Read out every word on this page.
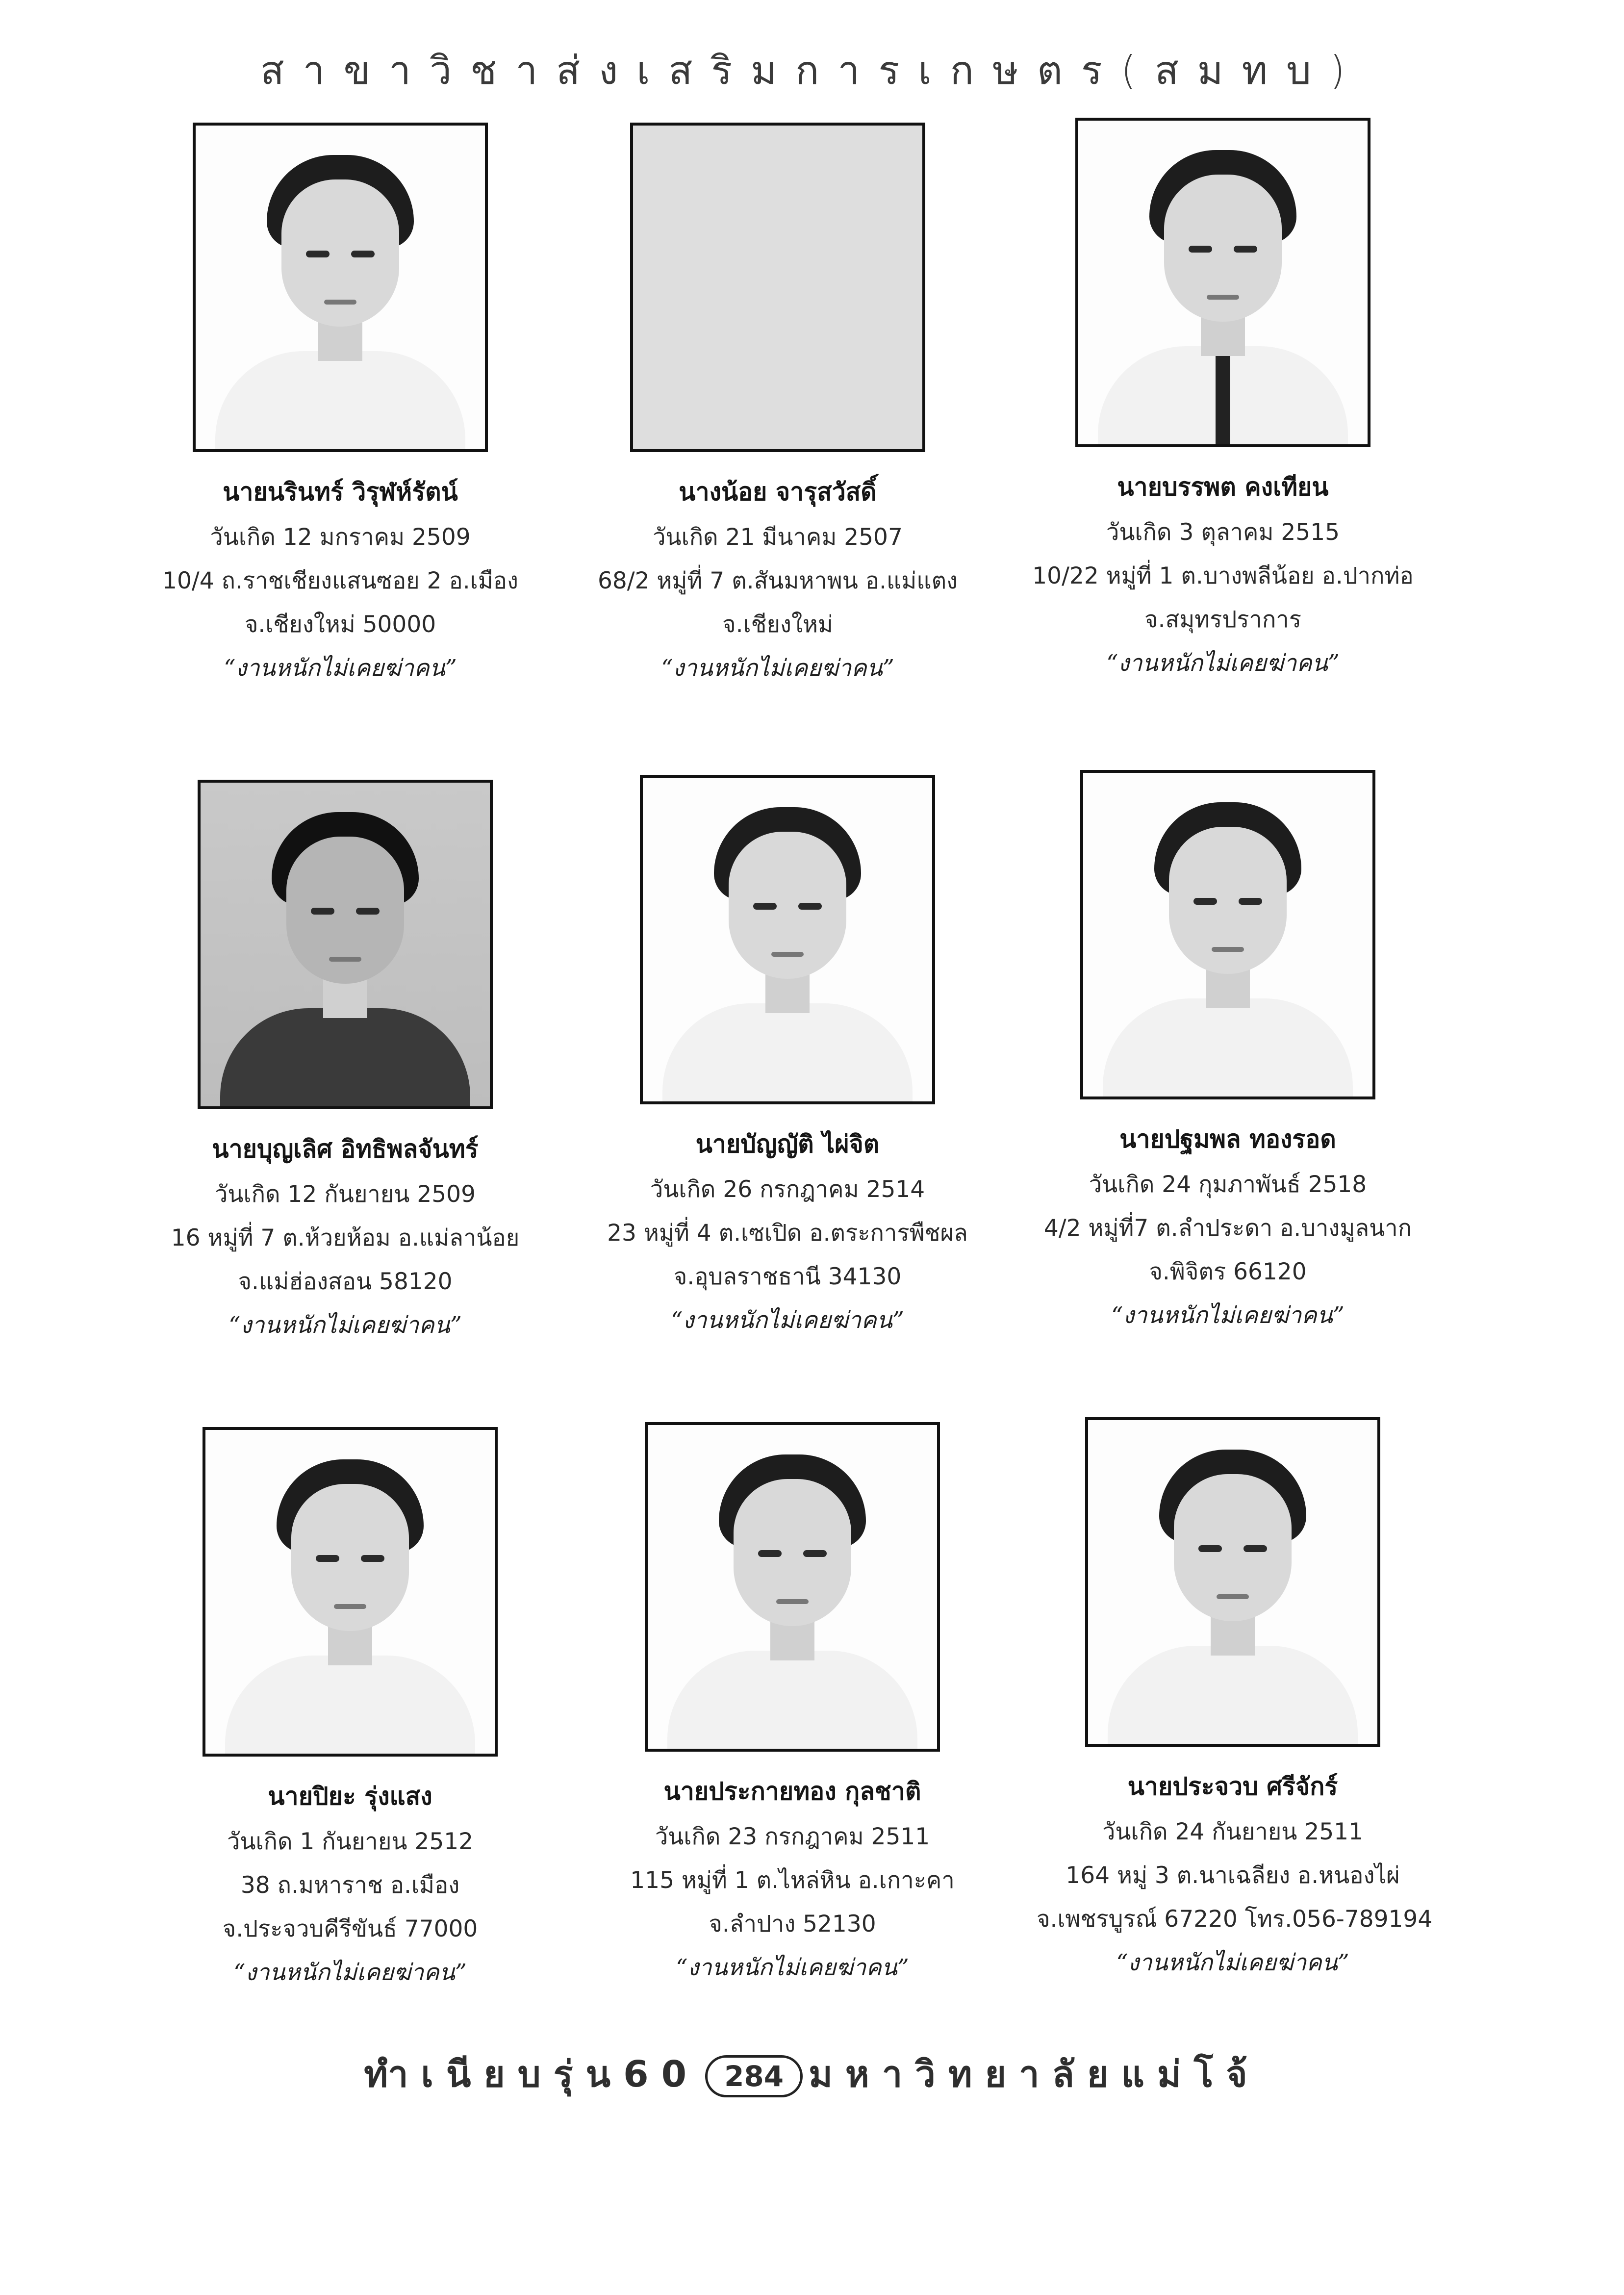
สาขาวิชาส่งเสริมการเกษตร(สมทบ)
นายนรินทร์ วิรุฬห์รัตน์
วันเกิด 12 มกราคม 2509
10/4 ถ.ราชเชียงแสนซอย 2 อ.เมือง
จ.เชียงใหม่ 50000
“งานหนักไม่เคยฆ่าคน”
นางน้อย จารุสวัสดิ์
วันเกิด 21 มีนาคม 2507
68/2 หมู่ที่ 7 ต.สันมหาพน อ.แม่แตง
จ.เชียงใหม่
“งานหนักไม่เคยฆ่าคน”
นายบรรพต คงเทียน
วันเกิด 3 ตุลาคม 2515
10/22 หมู่ที่ 1 ต.บางพลีน้อย อ.ปากท่อ
จ.สมุทรปราการ
“งานหนักไม่เคยฆ่าคน”
นายบุญเลิศ อิทธิพลจันทร์
วันเกิด 12 กันยายน 2509
16 หมู่ที่ 7 ต.ห้วยห้อม อ.แม่ลาน้อย
จ.แม่ฮ่องสอน 58120
“งานหนักไม่เคยฆ่าคน”
นายบัญญัติ ไผ่จิต
วันเกิด 26 กรกฎาคม 2514
23 หมู่ที่ 4 ต.เซเปิด อ.ตระการพืชผล
จ.อุบลราชธานี 34130
“งานหนักไม่เคยฆ่าคน”
นายปฐมพล ทองรอด
วันเกิด 24 กุมภาพันธ์ 2518
4/2 หมู่ที่7 ต.ลำประดา อ.บางมูลนาก
จ.พิจิตร 66120
“งานหนักไม่เคยฆ่าคน”
นายปิยะ รุ่งแสง
วันเกิด 1 กันยายน 2512
38 ถ.มหาราช อ.เมือง
จ.ประจวบคีรีขันธ์ 77000
“งานหนักไม่เคยฆ่าคน”
นายประกายทอง กุลชาติ
วันเกิด 23 กรกฎาคม 2511
115 หมู่ที่ 1 ต.ไหล่หิน อ.เกาะคา
จ.ลำปาง 52130
“งานหนักไม่เคยฆ่าคน”
นายประจวบ ศรีจักร์
วันเกิด 24 กันยายน 2511
164 หมู่ 3 ต.นาเฉลียง อ.หนองไผ่
จ.เพชรบูรณ์ 67220 โทร.056-789194
“งานหนักไม่เคยฆ่าคน”
ทำเนียบรุ่น60 284 มหาวิทยาลัยแม่โจ้
